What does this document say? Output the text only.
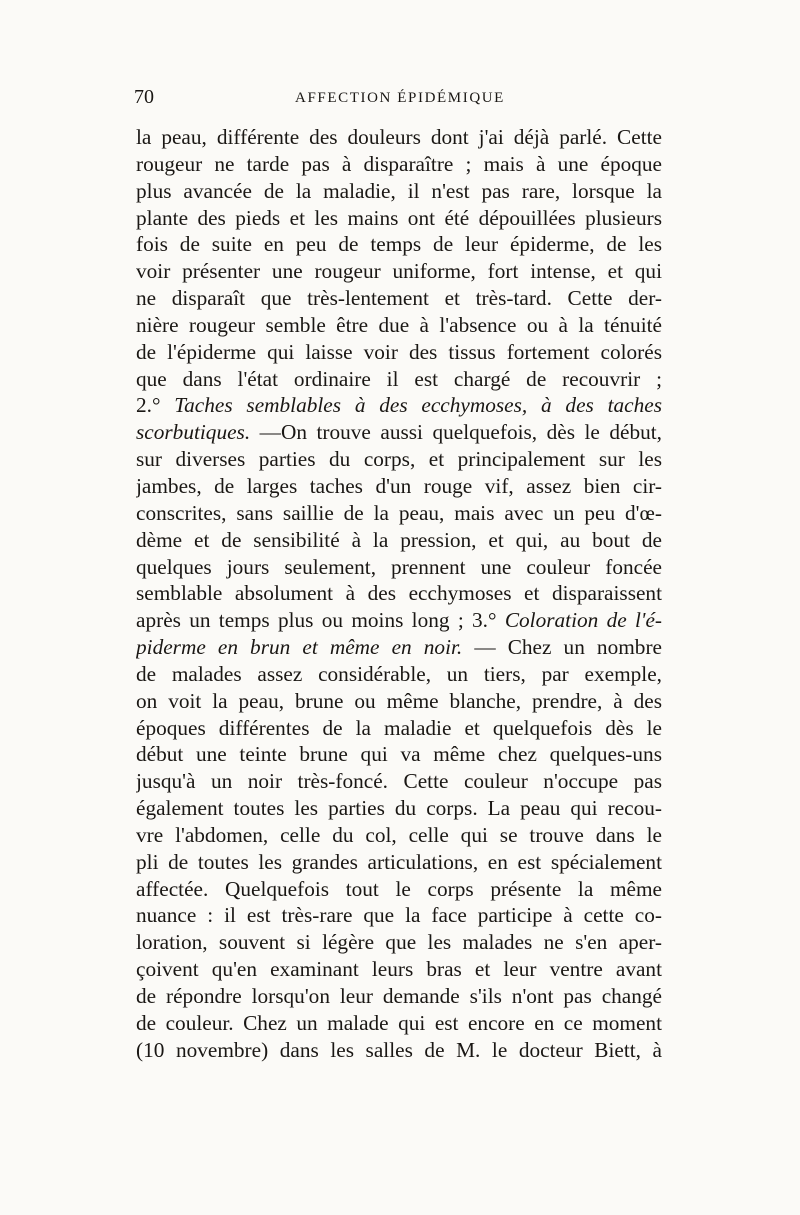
70	AFFECTION ÉPIDÉMIQUE
la peau, différente des douleurs dont j'ai déjà parlé. Cette
rougeur ne tarde pas à disparaître ; mais à une époque
plus avancée de la maladie, il n'est pas rare, lorsque la
plante des pieds et les mains ont été dépouillées plusieurs
fois de suite en peu de temps de leur épiderme, de les
voir présenter une rougeur uniforme, fort intense, et qui
ne disparaît que très-lentement et très-tard. Cette der-
nière rougeur semble être due à l'absence ou à la ténuité
de l'épiderme qui laisse voir des tissus fortement colorés
que dans l'état ordinaire il est chargé de recouvrir ;
2.° Taches semblables à des ecchymoses, à des taches
scorbutiques. —On trouve aussi quelquefois, dès le début,
sur diverses parties du corps, et principalement sur les
jambes, de larges taches d'un rouge vif, assez bien cir-
conscrites, sans saillie de la peau, mais avec un peu d'œ-
dème et de sensibilité à la pression, et qui, au bout de
quelques jours seulement, prennent une couleur foncée
semblable absolument à des ecchymoses et disparaissent
après un temps plus ou moins long ; 3.° Coloration de l'é-
piderme en brun et même en noir. — Chez un nombre
de malades assez considérable, un tiers, par exemple,
on voit la peau, brune ou même blanche, prendre, à des
époques différentes de la maladie et quelquefois dès le
début une teinte brune qui va même chez quelques-uns
jusqu'à un noir très-foncé. Cette couleur n'occupe pas
également toutes les parties du corps. La peau qui recou-
vre l'abdomen, celle du col, celle qui se trouve dans le
pli de toutes les grandes articulations, en est spécialement
affectée. Quelquefois tout le corps présente la même
nuance : il est très-rare que la face participe à cette co-
loration, souvent si légère que les malades ne s'en aper-
çoivent qu'en examinant leurs bras et leur ventre avant
de répondre lorsqu'on leur demande s'ils n'ont pas changé
de couleur. Chez un malade qui est encore en ce moment
(10 novembre) dans les salles de M. le docteur Biett, à
